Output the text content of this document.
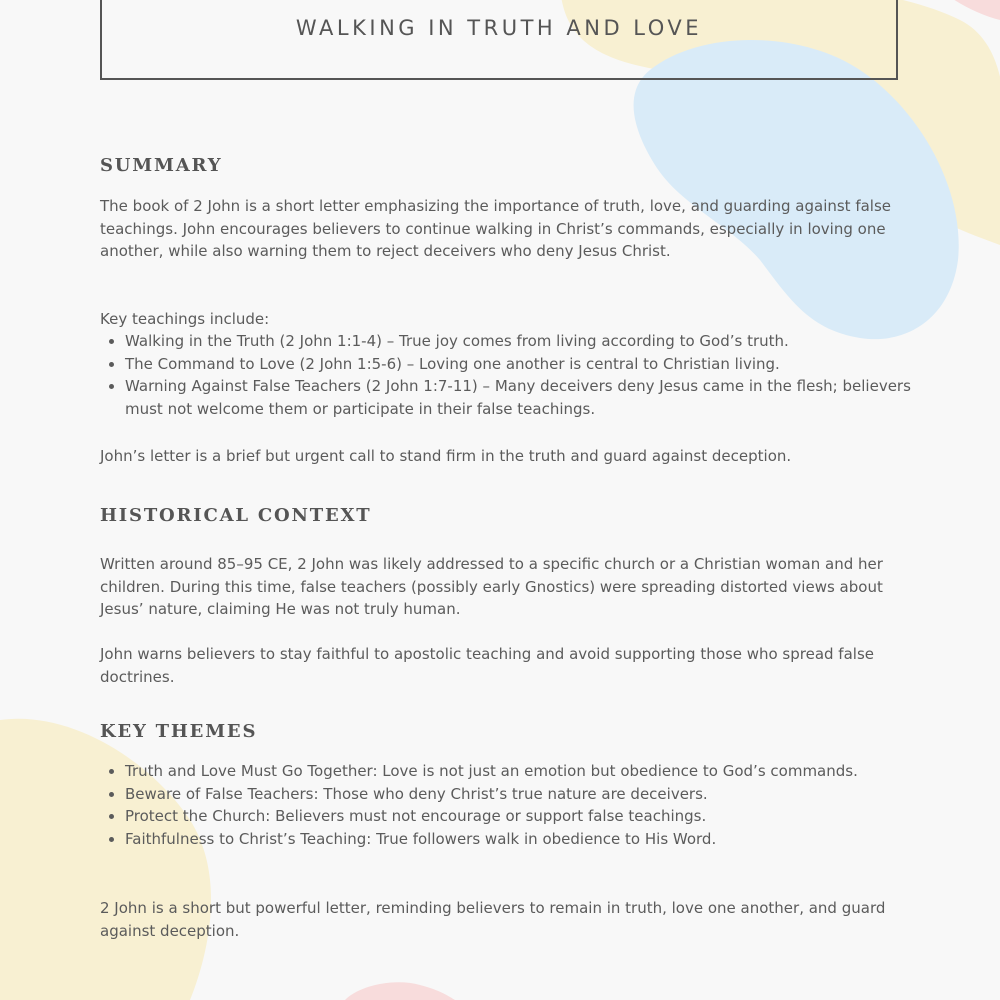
WALKING IN TRUTH AND LOVE
SUMMARY

The book of 2 John is a short letter emphasizing the importance of truth, love, and guarding against false teachings. John encourages believers to continue walking in Christ’s commands, especially in loving one another, while also warning them to reject deceivers who deny Jesus Christ.

Key teachings include:

• Walking in the Truth (2 John 1:1-4) – True joy comes from living according to God’s truth.
• The Command to Love (2 John 1:5-6) – Loving one another is central to Christian living.
• Warning Against False Teachers (2 John 1:7-11) – Many deceivers deny Jesus came in the flesh; believers must not welcome them or participate in their false teachings.

John’s letter is a brief but urgent call to stand firm in the truth and guard against deception.

HISTORICAL CONTEXT

Written around 85–95 CE, 2 John was likely addressed to a specific church or a Christian woman and her children. During this time, false teachers (possibly early Gnostics) were spreading distorted views about Jesus’ nature, claiming He was not truly human.

John warns believers to stay faithful to apostolic teaching and avoid supporting those who spread false doctrines.

KEY THEMES
• Truth and Love Must Go Together: Love is not just an emotion but obedience to God’s commands.
• Beware of False Teachers: Those who deny Christ’s true nature are deceivers.
• Protect the Church: Believers must not encourage or support false teachings.
• Faithfulness to Christ’s Teaching: True followers walk in obedience to His Word.

2 John is a short but powerful letter, reminding believers to remain in truth, love one another, and guard against deception.
